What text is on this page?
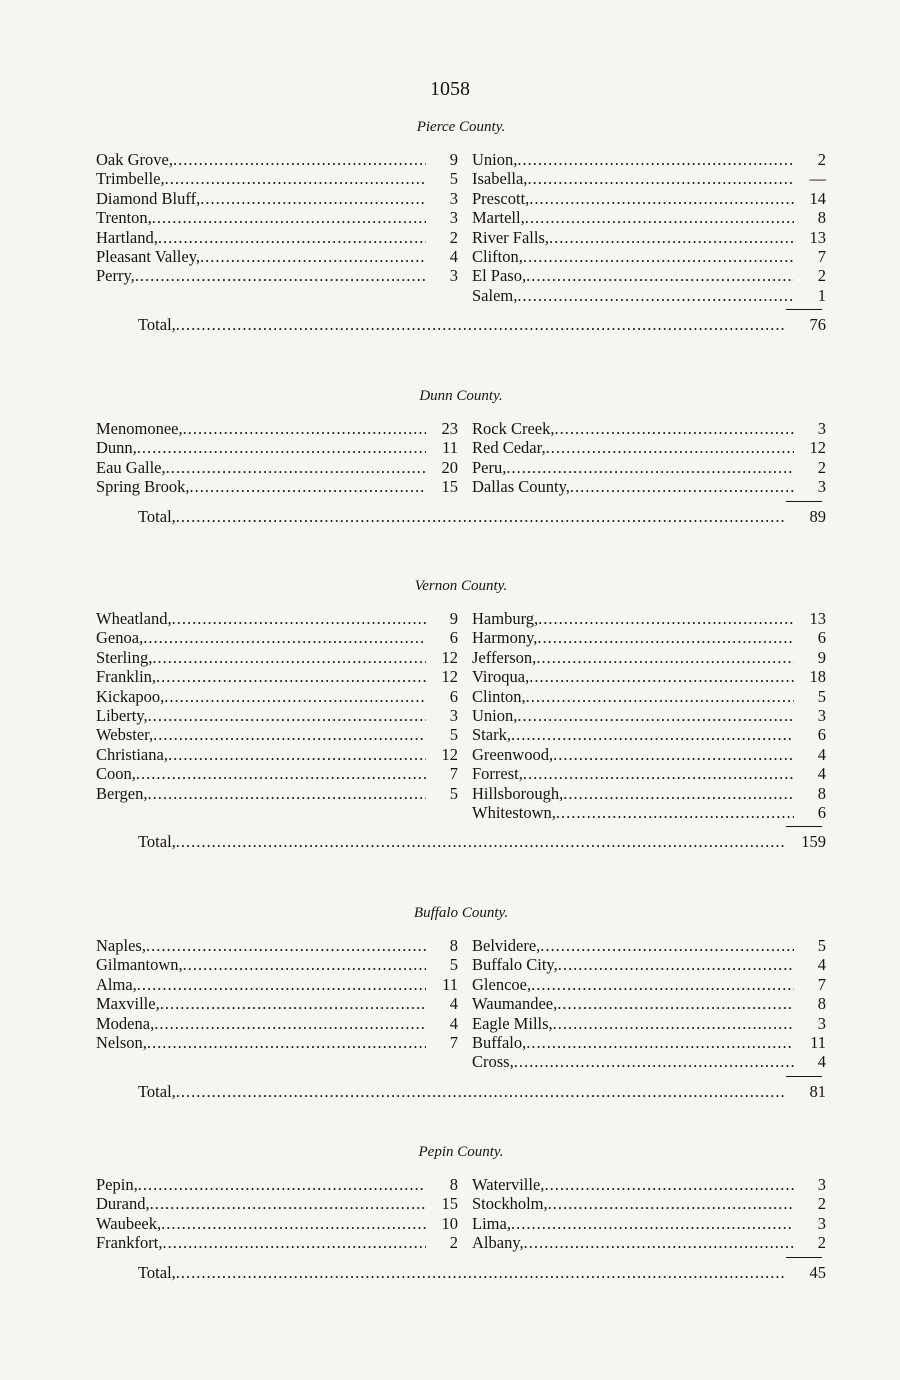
1058
Pierce County.
Oak Grove, .....	9
Trimbelle, .....	5
Diamond Bluff, .....	3
Trenton, .....	3
Hartland, .....	2
Pleasant Valley, .....	4
Perry, .....	3
Union, .....	2
Isabella, .....	—
Prescott, .....	14
Martell, .....	8
River Falls, .....	13
Clifton, .....	7
El Paso, .....	2
Salem, .....	1
Total, .....	76
Dunn County.
Menomonee, .....	23
Dunn, .....	11
Eau Galle, .....	20
Spring Brook, .....	15
Rock Creek, .....	3
Red Cedar, .....	12
Peru, .....	2
Dallas County, .....	3
Total, .....	89
Vernon County.
Wheatland, .....	9
Genoa, .....	6
Sterling, .....	12
Franklin, .....	12
Kickapoo, .....	6
Liberty, .....	3
Webster, .....	5
Christiana, .....	12
Coon, .....	7
Bergen, .....	5
Hamburg, .....	13
Harmony, .....	6
Jefferson, .....	9
Viroqua, .....	18
Clinton, .....	5
Union, .....	3
Stark, .....	6
Greenwood, .....	4
Forrest, .....	4
Hillsborough, .....	8
Whitestown, .....	6
Total, .....	159
Buffalo County.
Naples, .....	8
Gilmantown, .....	5
Alma, .....	11
Maxville, .....	4
Modena, .....	4
Nelson, .....	7
Belvidere, .....	5
Buffalo City, .....	4
Glencoe, .....	7
Waumandee, .....	8
Eagle Mills, .....	3
Buffalo, .....	11
Cross, .....	4
Total, .....	81
Pepin County.
Pepin, .....	8
Durand, .....	15
Waubeek, .....	10
Frankfort, .....	2
Waterville, .....	3
Stockholm, .....	2
Lima, .....	3
Albany, .....	2
Total, .....	45
